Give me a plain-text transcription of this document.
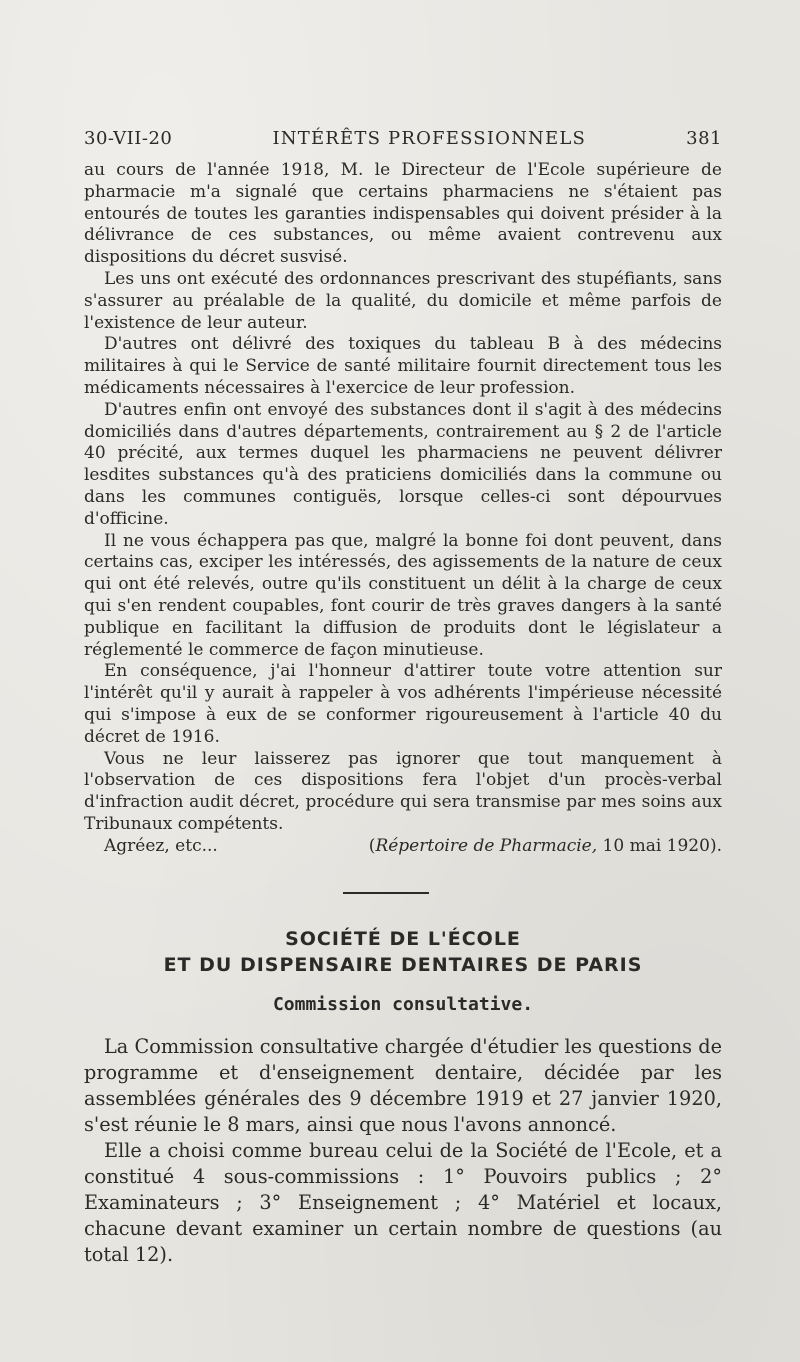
30-VII-20	INTÉRÊTS PROFESSIONNELS	381

au cours de l'année 1918, M. le Directeur de l'Ecole supérieure de pharmacie m'a signalé que certains pharmaciens ne s'étaient pas entourés de toutes les garanties indispensables qui doivent présider à la délivrance de ces substances, ou même avaient contrevenu aux dispositions du décret susvisé.

Les uns ont exécuté des ordonnances prescrivant des stupéfiants, sans s'assurer au préalable de la qualité, du domicile et même parfois de l'existence de leur auteur.

D'autres ont délivré des toxiques du tableau B à des médecins militaires à qui le Service de santé militaire fournit directement tous les médicaments nécessaires à l'exercice de leur profession.

D'autres enfin ont envoyé des substances dont il s'agit à des médecins domiciliés dans d'autres départements, contrairement au § 2 de l'article 40 précité, aux termes duquel les pharmaciens ne peuvent délivrer lesdites substances qu'à des praticiens domiciliés dans la commune ou dans les communes contiguës, lorsque celles-ci sont dépourvues d'officine.

Il ne vous échappera pas que, malgré la bonne foi dont peuvent, dans certains cas, exciper les intéressés, des agissements de la nature de ceux qui ont été relevés, outre qu'ils constituent un délit à la charge de ceux qui s'en rendent coupables, font courir de très graves dangers à la santé publique en facilitant la diffusion de produits dont le législateur a réglementé le commerce de façon minutieuse.

En conséquence, j'ai l'honneur d'attirer toute votre attention sur l'intérêt qu'il y aurait à rappeler à vos adhérents l'impérieuse nécessité qui s'impose à eux de se conformer rigoureusement à l'article 40 du décret de 1916.

Vous ne leur laisserez pas ignorer que tout manquement à l'observation de ces dispositions fera l'objet d'un procès-verbal d'infraction audit décret, procédure qui sera transmise par mes soins aux Tribunaux compétents.

Agréez, etc...	(Répertoire de Pharmacie, 10 mai 1920).

SOCIÉTÉ DE L'ÉCOLE
ET DU DISPENSAIRE DENTAIRES DE PARIS
Commission consultative.

La Commission consultative chargée d'étudier les questions de programme et d'enseignement dentaire, décidée par les assemblées générales des 9 décembre 1919 et 27 janvier 1920, s'est réunie le 8 mars, ainsi que nous l'avons annoncé.

Elle a choisi comme bureau celui de la Société de l'Ecole, et a constitué 4 sous-commissions : 1° Pouvoirs publics ; 2° Examinateurs ; 3° Enseignement ; 4° Matériel et locaux, chacune devant examiner un certain nombre de questions (au total 12).
